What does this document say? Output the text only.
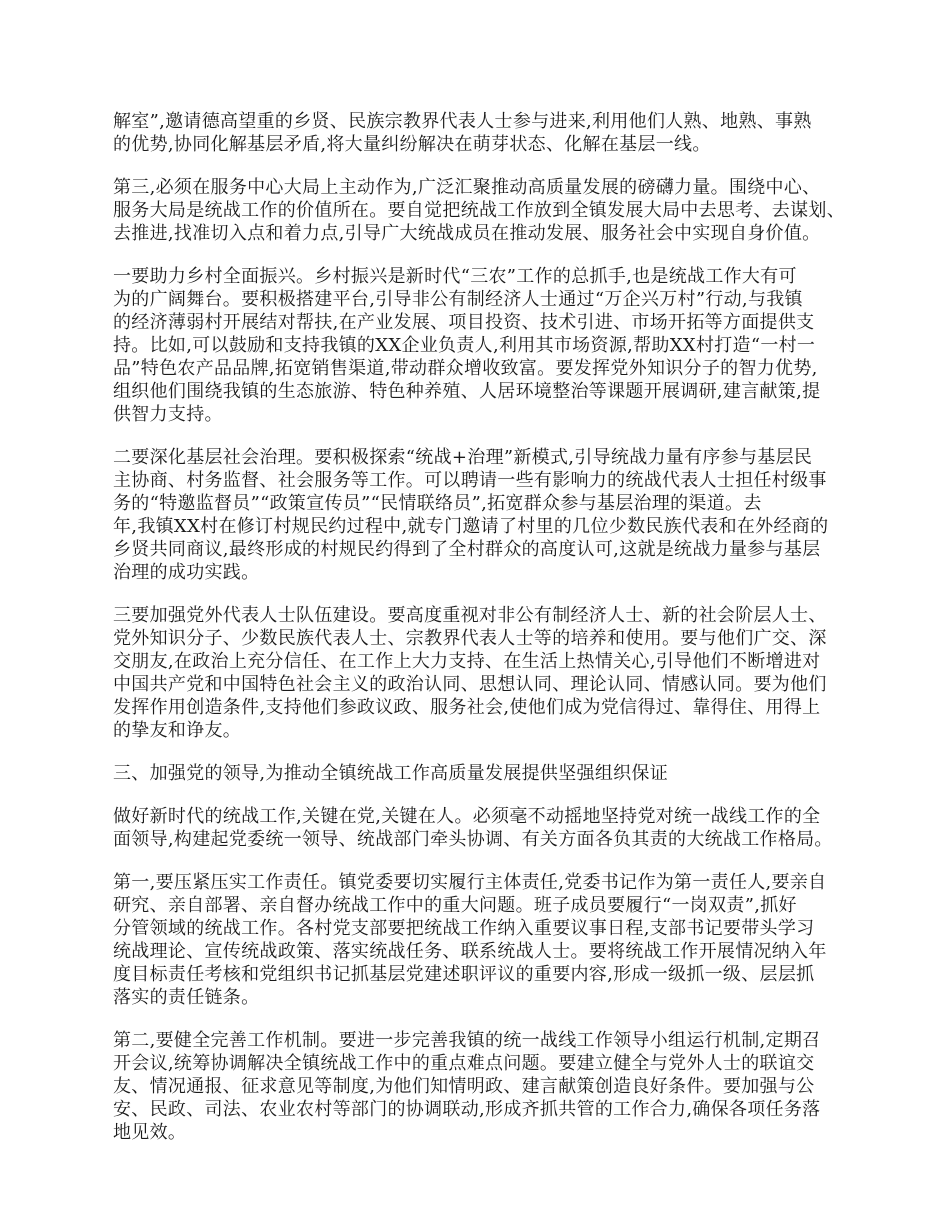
解室”,邀请德高望重的乡贤、民族宗教界代表人士参与进来,利用他们人熟、地熟、事熟
的优势,协同化解基层矛盾,将大量纠纷解决在萌芽状态、化解在基层一线。
第三,必须在服务中心大局上主动作为,广泛汇聚推动高质量发展的磅礴力量。围绕中心、
服务大局是统战工作的价值所在。要自觉把统战工作放到全镇发展大局中去思考、去谋划、
去推进,找准切入点和着力点,引导广大统战成员在推动发展、服务社会中实现自身价值。
一要助力乡村全面振兴。乡村振兴是新时代“三农”工作的总抓手,也是统战工作大有可
为的广阔舞台。要积极搭建平台,引导非公有制经济人士通过“万企兴万村”行动,与我镇
的经济薄弱村开展结对帮扶,在产业发展、项目投资、技术引进、市场开拓等方面提供支
持。比如,可以鼓励和支持我镇的XX企业负责人,利用其市场资源,帮助XX村打造“一村一
品”特色农产品品牌,拓宽销售渠道,带动群众增收致富。要发挥党外知识分子的智力优势,
组织他们围绕我镇的生态旅游、特色种养殖、人居环境整治等课题开展调研,建言献策,提
供智力支持。
二要深化基层社会治理。要积极探索“统战+治理”新模式,引导统战力量有序参与基层民
主协商、村务监督、社会服务等工作。可以聘请一些有影响力的统战代表人士担任村级事
务的“特邀监督员”“政策宣传员”“民情联络员”,拓宽群众参与基层治理的渠道。去
年,我镇XX村在修订村规民约过程中,就专门邀请了村里的几位少数民族代表和在外经商的
乡贤共同商议,最终形成的村规民约得到了全村群众的高度认可,这就是统战力量参与基层
治理的成功实践。
三要加强党外代表人士队伍建设。要高度重视对非公有制经济人士、新的社会阶层人士、
党外知识分子、少数民族代表人士、宗教界代表人士等的培养和使用。要与他们广交、深
交朋友,在政治上充分信任、在工作上大力支持、在生活上热情关心,引导他们不断增进对
中国共产党和中国特色社会主义的政治认同、思想认同、理论认同、情感认同。要为他们
发挥作用创造条件,支持他们参政议政、服务社会,使他们成为党信得过、靠得住、用得上
的挚友和诤友。
三、加强党的领导,为推动全镇统战工作高质量发展提供坚强组织保证
做好新时代的统战工作,关键在党,关键在人。必须毫不动摇地坚持党对统一战线工作的全
面领导,构建起党委统一领导、统战部门牵头协调、有关方面各负其责的大统战工作格局。
第一,要压紧压实工作责任。镇党委要切实履行主体责任,党委书记作为第一责任人,要亲自
研究、亲自部署、亲自督办统战工作中的重大问题。班子成员要履行“一岗双责”,抓好
分管领域的统战工作。各村党支部要把统战工作纳入重要议事日程,支部书记要带头学习
统战理论、宣传统战政策、落实统战任务、联系统战人士。要将统战工作开展情况纳入年
度目标责任考核和党组织书记抓基层党建述职评议的重要内容,形成一级抓一级、层层抓
落实的责任链条。
第二,要健全完善工作机制。要进一步完善我镇的统一战线工作领导小组运行机制,定期召
开会议,统筹协调解决全镇统战工作中的重点难点问题。要建立健全与党外人士的联谊交
友、情况通报、征求意见等制度,为他们知情明政、建言献策创造良好条件。要加强与公
安、民政、司法、农业农村等部门的协调联动,形成齐抓共管的工作合力,确保各项任务落
地见效。
